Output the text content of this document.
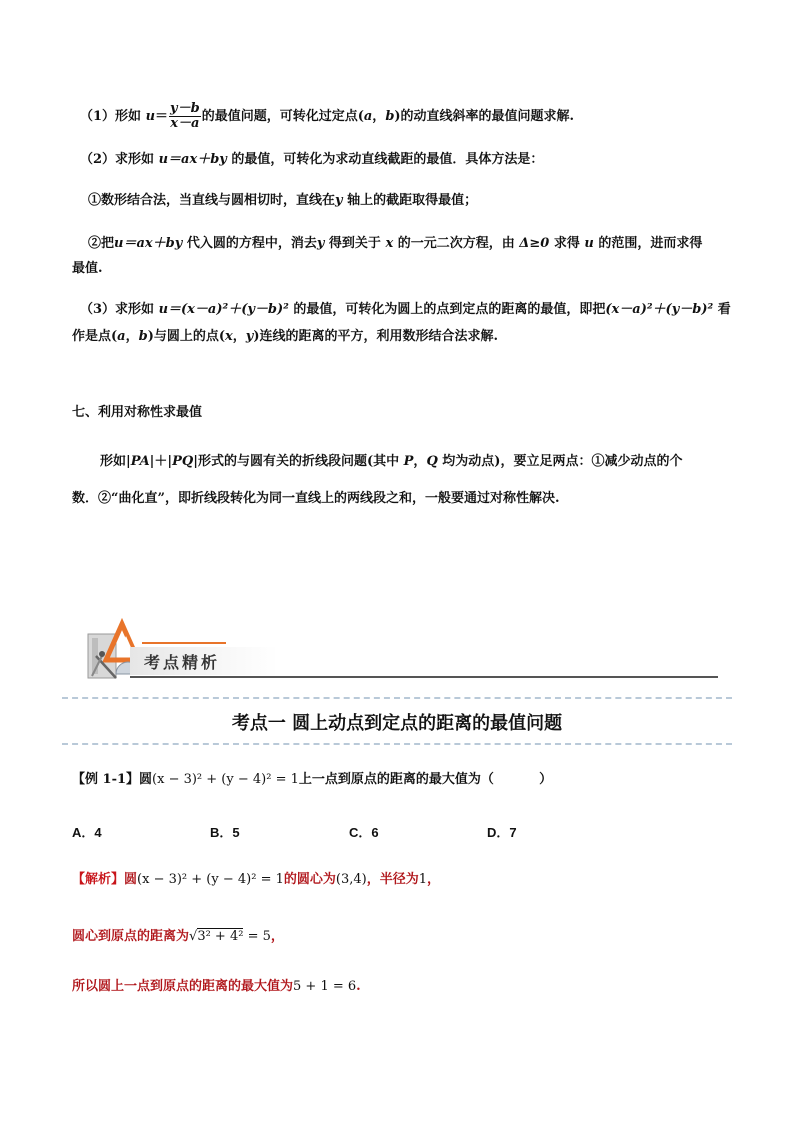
（1）形如 $u= \frac{y-b}{x-a}$ 的最值问题，可转化过定点(a，b)的动直线斜率的最值问题求解.
（2）求形如 u＝ax＋by 的最值，可转化为求动直线截距的最值．具体方法是：
①数形结合法，当直线与圆相切时，直线在y 轴上的截距取得最值；
②把u＝ax＋by 代入圆的方程中，消去y 得到关于 x 的一元二次方程，由 Δ≥0 求得 u 的范围，进而求得
最值.
（3）求形如 u＝(x－a)²＋(y－b)² 的最值，可转化为圆上的点到定点的距离的最值，即把(x－a)²＋(y－b)² 看
作是点(a，b)与圆上的点(x，y)连线的距离的平方，利用数形结合法求解.
七、利用对称性求最值
形如|PA|＋|PQ|形式的与圆有关的折线段问题(其中 P，Q 均为动点)，要立足两点：①减少动点的个
数．②“曲化直”，即折线段转化为同一直线上的两线段之和，一般要通过对称性解决.
考点精析
考点一 圆上动点到定点的距离的最值问题
【例 1-1】圆(x − 3)² + (y − 4)² = 1上一点到原点的距离的最大值为（	）
A．4	B．5	C．6	D．7
【解析】圆(x − 3)² + (y − 4)² = 1的圆心为(3,4)，半径为1，
圆心到原点的距离为√3² + 4² = 5，
所以圆上一点到原点的距离的最大值为5 + 1 = 6.
